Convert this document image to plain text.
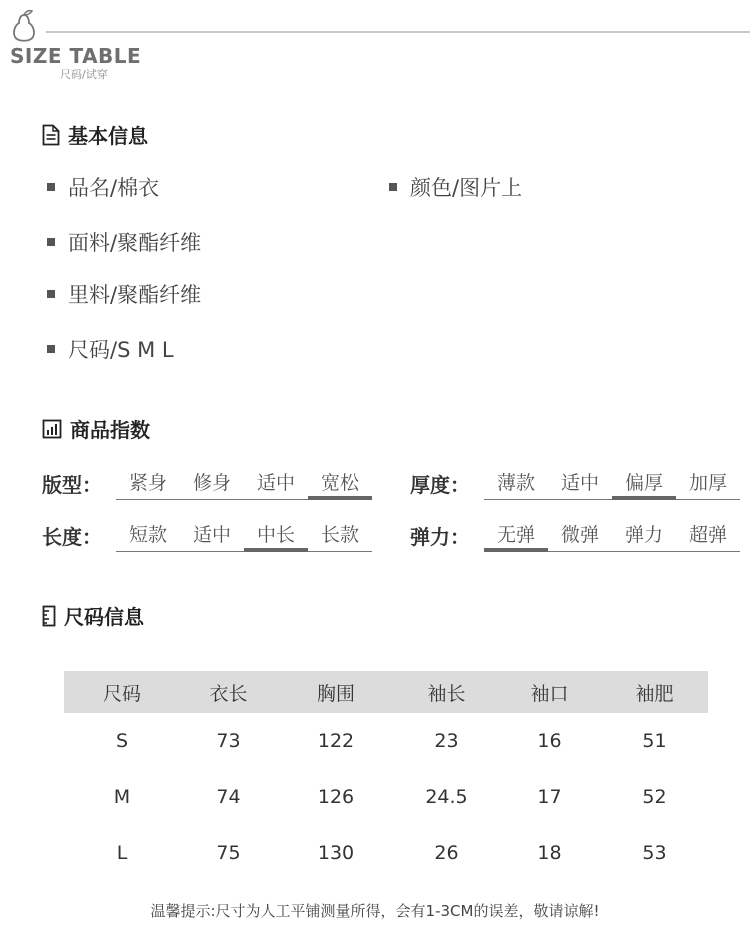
SIZE TABLE
尺码/试穿
基本信息
品名/棉衣	颜色/图片上
面料/聚酯纤维
里料/聚酯纤维
尺码/S M L
商品指数
版型：	紧身	修身	适中	宽松	厚度：	薄款	适中	偏厚	加厚
长度：	短款	适中	中长	长款	弹力：	无弹	微弹	弹力	超弹
尺码信息
尺码	衣长	胸围	袖长	袖口	袖肥
S	73	122	23	16	51
M	74	126	24.5	17	52
L	75	130	26	18	53
温馨提示:尺寸为人工平铺测量所得，会有1-3CM的误差，敬请谅解!
